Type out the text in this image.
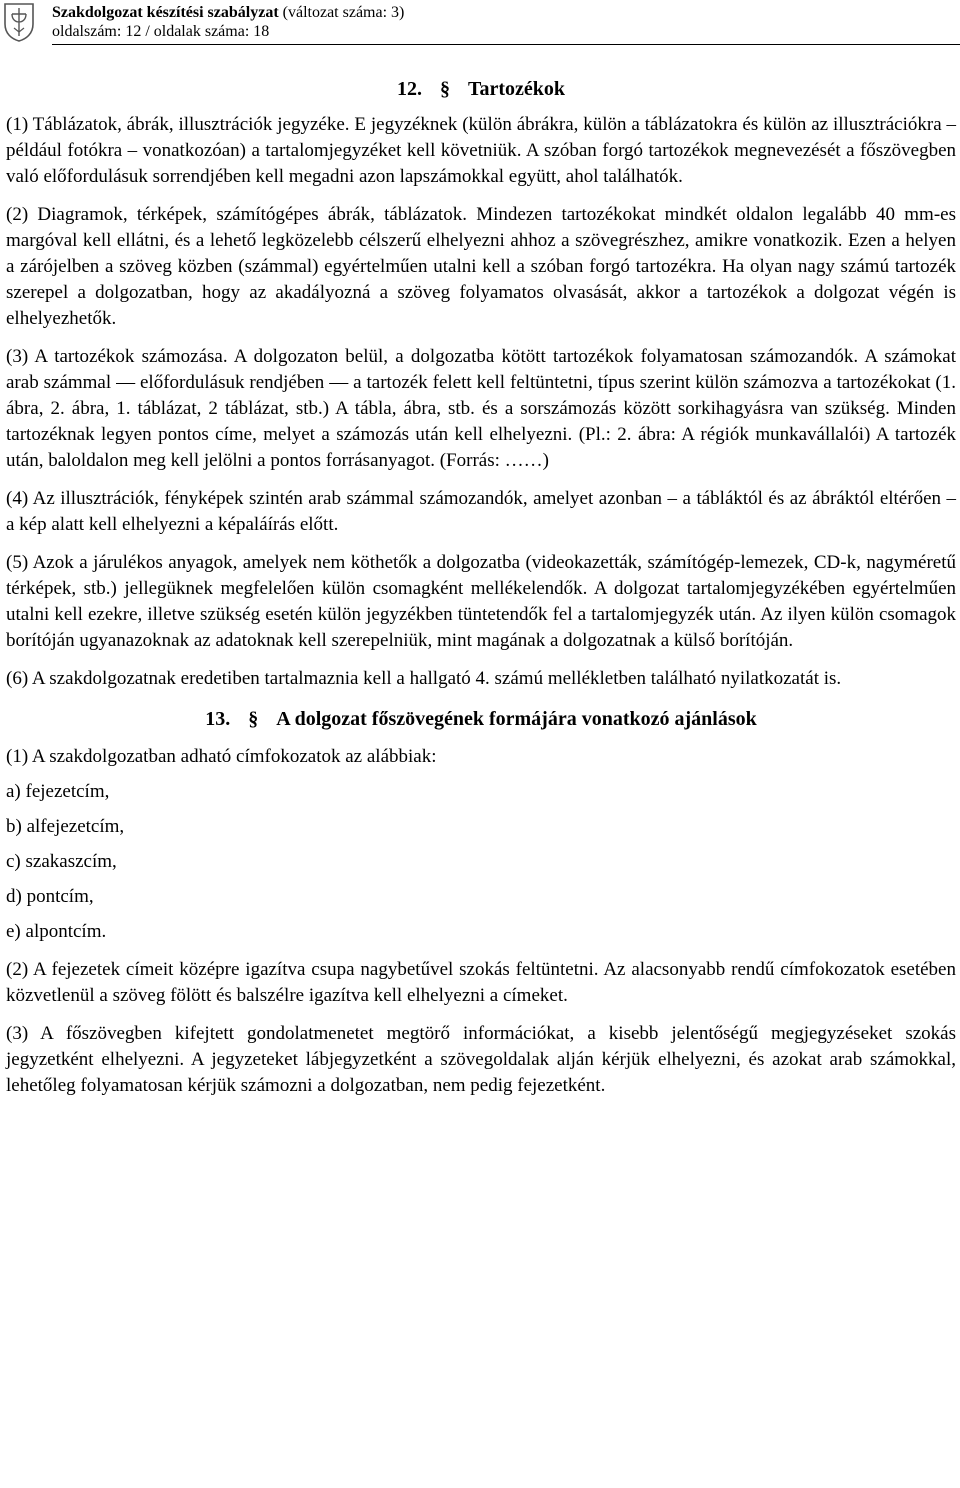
Szakdolgozat készítési szabályzat (változat száma: 3)
oldalszám: 12 / oldalak száma: 18
12. § Tartozékok

(1) Táblázatok, ábrák, illusztrációk jegyzéke. E jegyzéknek (külön ábrákra, külön a táblázatokra és külön az illusztrációkra – például fotókra – vonatkozóan) a tartalomjegyzéket kell követniük. A szóban forgó tartozékok megnevezését a főszövegben való előfordulásuk sorrendjében kell megadni azon lapszámokkal együtt, ahol találhatók.

(2) Diagramok, térképek, számítógépes ábrák, táblázatok. Mindezen tartozékokat mindkét oldalon legalább 40 mm-es margóval kell ellátni, és a lehető legközelebb célszerű elhelyezni ahhoz a szövegrészhez, amikre vonatkozik. Ezen a helyen a zárójelben a szöveg közben (számmal) egyértelműen utalni kell a szóban forgó tartozékra. Ha olyan nagy számú tartozék szerepel a dolgozatban, hogy az akadályozná a szöveg folyamatos olvasását, akkor a tartozékok a dolgozat végén is elhelyezhetők.

(3) A tartozékok számozása. A dolgozaton belül, a dolgozatba kötött tartozékok folyamatosan számozandók. A számokat arab számmal — előfordulásuk rendjében — a tartozék felett kell feltüntetni, típus szerint külön számozva a tartozékokat (1. ábra, 2. ábra, 1. táblázat, 2 táblázat, stb.) A tábla, ábra, stb. és a sorszámozás között sorkihagyásra van szükség. Minden tartozéknak legyen pontos címe, melyet a számozás után kell elhelyezni. (Pl.: 2. ábra: A régiók munkavállalói) A tartozék után, baloldalon meg kell jelölni a pontos forrásanyagot. (Forrás: ……)

(4) Az illusztrációk, fényképek szintén arab számmal számozandók, amelyet azonban – a tábláktól és az ábráktól eltérően – a kép alatt kell elhelyezni a képaláírás előtt.

(5) Azok a járulékos anyagok, amelyek nem köthetők a dolgozatba (videokazetták, számítógép-lemezek, CD-k, nagyméretű térképek, stb.) jellegüknek megfelelően külön csomagként mellékelendők. A dolgozat tartalomjegyzékében egyértelműen utalni kell ezekre, illetve szükség esetén külön jegyzékben tüntetendők fel a tartalomjegyzék után. Az ilyen külön csomagok borítóján ugyanazoknak az adatoknak kell szerepelniük, mint magának a dolgozatnak a külső borítóján.

(6) A szakdolgozatnak eredetiben tartalmaznia kell a hallgató 4. számú mellékletben található nyilatkozatát is.

13. § A dolgozat főszövegének formájára vonatkozó ajánlások

(1) A szakdolgozatban adható címfokozatok az alábbiak:

a) fejezetcím,

b) alfejezetcím,

c) szakaszcím,

d) pontcím,

e) alpontcím.

(2) A fejezetek címeit középre igazítva csupa nagybetűvel szokás feltüntetni. Az alacsonyabb rendű címfokozatok esetében közvetlenül a szöveg fölött és balszélre igazítva kell elhelyezni a címeket.

(3) A főszövegben kifejtett gondolatmenetet megtörő információkat, a kisebb jelentőségű megjegyzéseket szokás jegyzetként elhelyezni. A jegyzeteket lábjegyzetként a szövegoldalak alján kérjük elhelyezni, és azokat arab számokkal, lehetőleg folyamatosan kérjük számozni a dolgozatban, nem pedig fejezetként.
